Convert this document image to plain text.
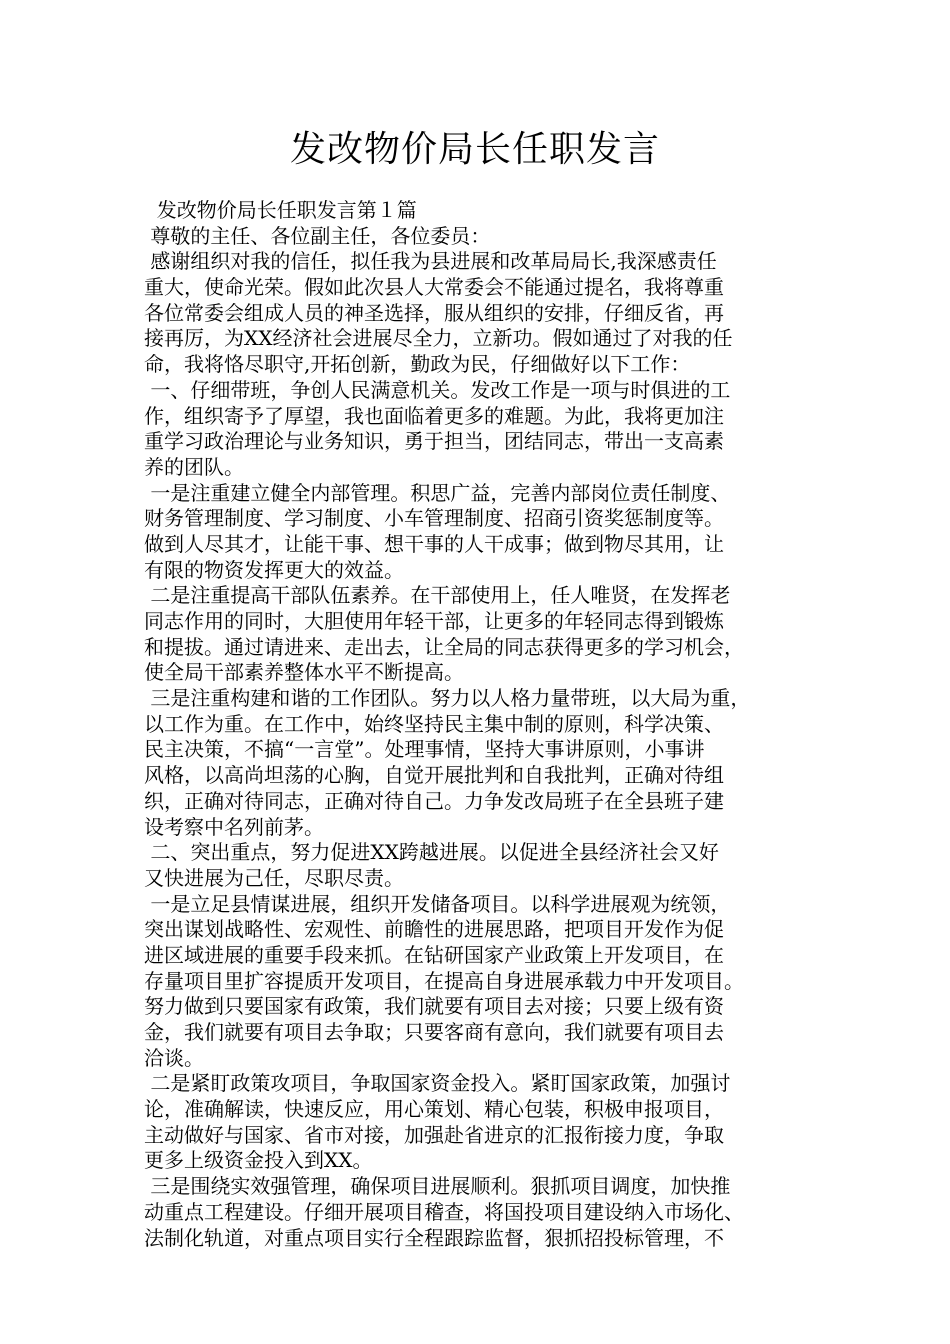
发改物价局长任职发言
发改物价局长任职发言第１篇
尊敬的主任、各位副主任，各位委员：
感谢组织对我的信任，拟任我为县进展和改革局局长,我深感责任
重大，使命光荣。假如此次县人大常委会不能通过提名，我将尊重
各位常委会组成人员的神圣选择，服从组织的安排，仔细反省，再
接再厉，为XX经济社会进展尽全力，立新功。假如通过了对我的任
命，我将恪尽职守,开拓创新，勤政为民，仔细做好以下工作：
一、仔细带班，争创人民满意机关。发改工作是一项与时俱进的工
作，组织寄予了厚望，我也面临着更多的难题。为此，我将更加注
重学习政治理论与业务知识，勇于担当，团结同志，带出一支高素
养的团队。
一是注重建立健全内部管理。积思广益，完善内部岗位责任制度、
财务管理制度、学习制度、小车管理制度、招商引资奖惩制度等。
做到人尽其才，让能干事、想干事的人干成事；做到物尽其用，让
有限的物资发挥更大的效益。
二是注重提高干部队伍素养。在干部使用上，任人唯贤，在发挥老
同志作用的同时，大胆使用年轻干部，让更多的年轻同志得到锻炼
和提拔。通过请进来、走出去，让全局的同志获得更多的学习机会，
使全局干部素养整体水平不断提高。
三是注重构建和谐的工作团队。努力以人格力量带班，以大局为重，
以工作为重。在工作中，始终坚持民主集中制的原则，科学决策、
民主决策，不搞“一言堂”。处理事情，坚持大事讲原则，小事讲
风格，以高尚坦荡的心胸，自觉开展批判和自我批判，正确对待组
织，正确对待同志，正确对待自己。力争发改局班子在全县班子建
设考察中名列前茅。
二、突出重点，努力促进XX跨越进展。以促进全县经济社会又好
又快进展为己任，尽职尽责。
一是立足县情谋进展，组织开发储备项目。以科学进展观为统领，
突出谋划战略性、宏观性、前瞻性的进展思路，把项目开发作为促
进区域进展的重要手段来抓。在钻研国家产业政策上开发项目，在
存量项目里扩容提质开发项目，在提高自身进展承载力中开发项目。
努力做到只要国家有政策，我们就要有项目去对接；只要上级有资
金，我们就要有项目去争取；只要客商有意向，我们就要有项目去
洽谈。
二是紧盯政策攻项目，争取国家资金投入。紧盯国家政策，加强讨
论，准确解读，快速反应，用心策划、精心包装，积极申报项目，
主动做好与国家、省市对接，加强赴省进京的汇报衔接力度，争取
更多上级资金投入到XX。
三是围绕实效强管理，确保项目进展顺利。狠抓项目调度，加快推
动重点工程建设。仔细开展项目稽查，将国投项目建设纳入市场化、
法制化轨道，对重点项目实行全程跟踪监督，狠抓招投标管理，不
